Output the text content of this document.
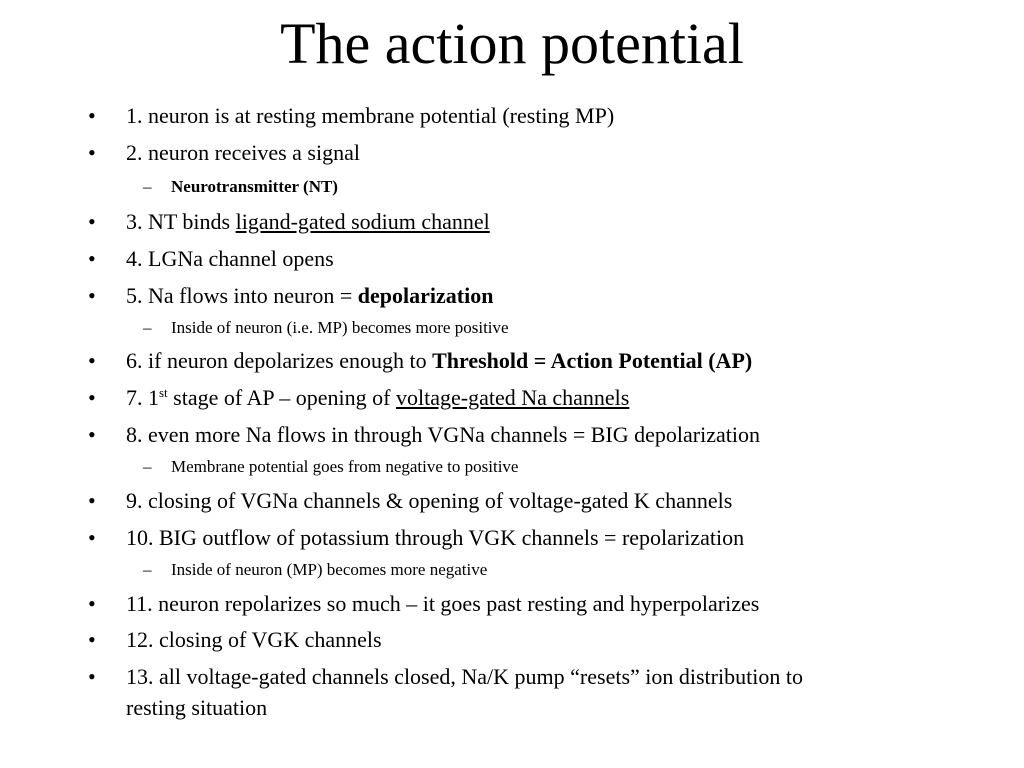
The action potential
• 1. neuron is at resting membrane potential (resting MP)
• 2. neuron receives a signal
– Neurotransmitter (NT)
• 3. NT binds ligand-gated sodium channel
• 4. LGNa channel opens
• 5. Na flows into neuron = depolarization
– Inside of neuron (i.e. MP) becomes more positive
• 6. if neuron depolarizes enough to Threshold = Action Potential (AP)
• 7. 1st stage of AP – opening of voltage-gated Na channels
• 8. even more Na flows in through VGNa channels = BIG depolarization
– Membrane potential goes from negative to positive
• 9. closing of VGNa channels & opening of voltage-gated K channels
• 10. BIG outflow of potassium through VGK channels = repolarization
– Inside of neuron (MP) becomes more negative
• 11. neuron repolarizes so much – it goes past resting and hyperpolarizes
• 12. closing of VGK channels
• 13. all voltage-gated channels closed, Na/K pump “resets” ion distribution to
resting situation
